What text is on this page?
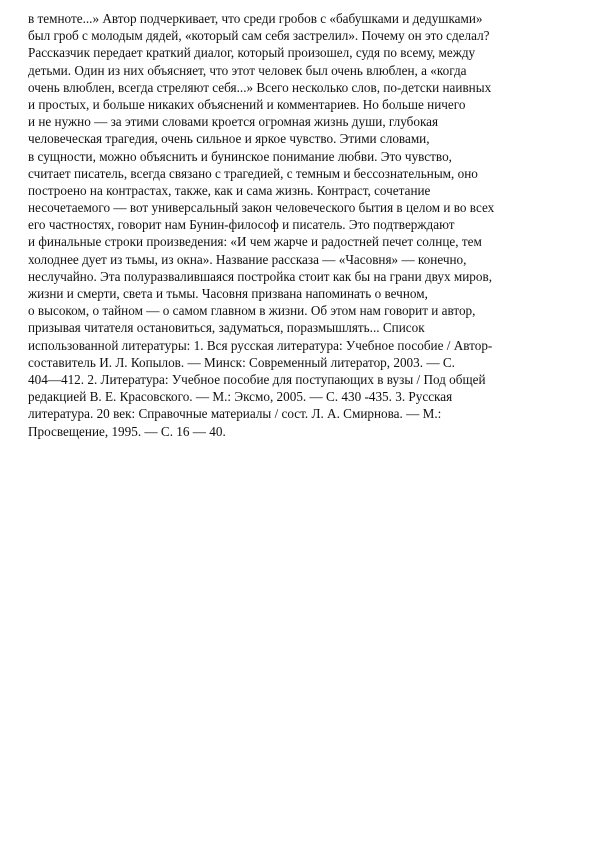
в темноте...» Автор подчеркивает, что среди гробов с «бабушками и дедушками»
был гроб с молодым дядей, «который сам себя застрелил». Почему он это сделал?
Рассказчик передает краткий диалог, который произошел, судя по всему, между
детьми. Один из них объясняет, что этот человек был очень влюблен, а «когда
очень влюблен, всегда стреляют себя...» Всего несколько слов, по-детски наивных
и простых, и больше никаких объяснений и комментариев. Но больше ничего
и не нужно — за этими словами кроется огромная жизнь души, глубокая
человеческая трагедия, очень сильное и яркое чувство. Этими словами,
в сущности, можно объяснить и бунинское понимание любви. Это чувство,
считает писатель, всегда связано с трагедией, с темным и бессознательным, оно
построено на контрастах, также, как и сама жизнь. Контраст, сочетание
несочетаемого — вот универсальный закон человеческого бытия в целом и во всех
его частностях, говорит нам Бунин-философ и писатель. Это подтверждают
и финальные строки произведения: «И чем жарче и радостней печет солнце, тем
холоднее дует из тьмы, из окна». Название рассказа — «Часовня» — конечно,
неслучайно. Эта полуразвалившаяся постройка стоит как бы на грани двух миров,
жизни и смерти, света и тьмы. Часовня призвана напоминать о вечном,
о высоком, о тайном — о самом главном в жизни. Об этом нам говорит и автор,
призывая читателя остановиться, задуматься, поразмышлять... Список
использованной литературы: 1. Вся русская литература: Учебное пособие / Автор-
составитель И. Л. Копылов. — Минск: Современный литератор, 2003. — С.
404—412. 2. Литература: Учебное пособие для поступающих в вузы / Под общей
редакцией В. Е. Красовского. — М.: Эксмо, 2005. — С. 430 -435. 3. Русская
литература. 20 век: Справочные материалы / сост. Л. А. Смирнова. — М.:
Просвещение, 1995. — С. 16 — 40.
